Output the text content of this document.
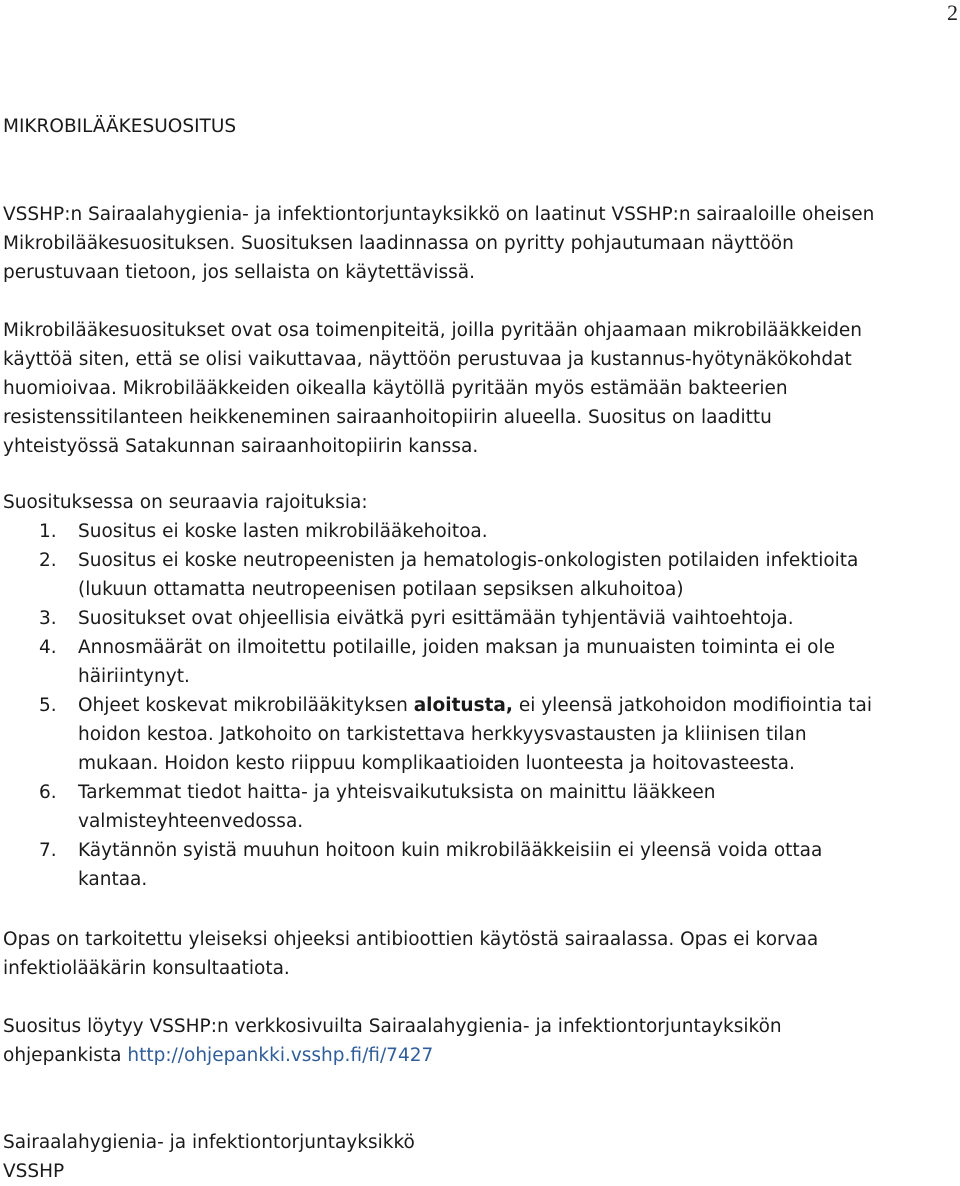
2
MIKROBILÄÄKESUOSITUS
VSSHP:n Sairaalahygienia- ja infektiontorjuntayksikkö on laatinut VSSHP:n sairaaloille oheisen
Mikrobilääkesuosituksen. Suosituksen laadinnassa on pyritty pohjautumaan näyttöön
perustuvaan tietoon, jos sellaista on käytettävissä.
Mikrobilääkesuositukset ovat osa toimenpiteitä, joilla pyritään ohjaamaan mikrobilääkkeiden
käyttöä siten, että se olisi vaikuttavaa, näyttöön perustuvaa ja kustannus-hyötynäkökohdat
huomioivaa. Mikrobilääkkeiden oikealla käytöllä pyritään myös estämään bakteerien
resistenssitilanteen heikkeneminen sairaanhoitopiirin alueella. Suositus on laadittu
yhteistyössä Satakunnan sairaanhoitopiirin kanssa.
Suosituksessa on seuraavia rajoituksia:
1.	Suositus ei koske lasten mikrobilääkehoitoa.
2.	Suositus ei koske neutropeenisten ja hematologis-onkologisten potilaiden infektioita
(lukuun ottamatta neutropeenisen potilaan sepsiksen alkuhoitoa)
3.	Suositukset ovat ohjeellisia eivätkä pyri esittämään tyhjentäviä vaihtoehtoja.
4.	Annosmäärät on ilmoitettu potilaille, joiden maksan ja munuaisten toiminta ei ole
häiriintynyt.
5.	Ohjeet koskevat mikrobilääkityksen aloitusta, ei yleensä jatkohoidon modifiointia tai
hoidon kestoa. Jatkohoito on tarkistettava herkkyysvastausten ja kliinisen tilan
mukaan. Hoidon kesto riippuu komplikaatioiden luonteesta ja hoitovasteesta.
6.	Tarkemmat tiedot haitta- ja yhteisvaikutuksista on mainittu lääkkeen
valmisteyhteenvedossa.
7.	Käytännön syistä muuhun hoitoon kuin mikrobilääkkeisiin ei yleensä voida ottaa
kantaa.
Opas on tarkoitettu yleiseksi ohjeeksi antibioottien käytöstä sairaalassa. Opas ei korvaa
infektiolääkärin konsultaatiota.
Suositus löytyy VSSHP:n verkkosivuilta Sairaalahygienia- ja infektiontorjuntayksikön
ohjepankista http://ohjepankki.vsshp.fi/fi/7427
Sairaalahygienia- ja infektiontorjuntayksikkö
VSSHP
